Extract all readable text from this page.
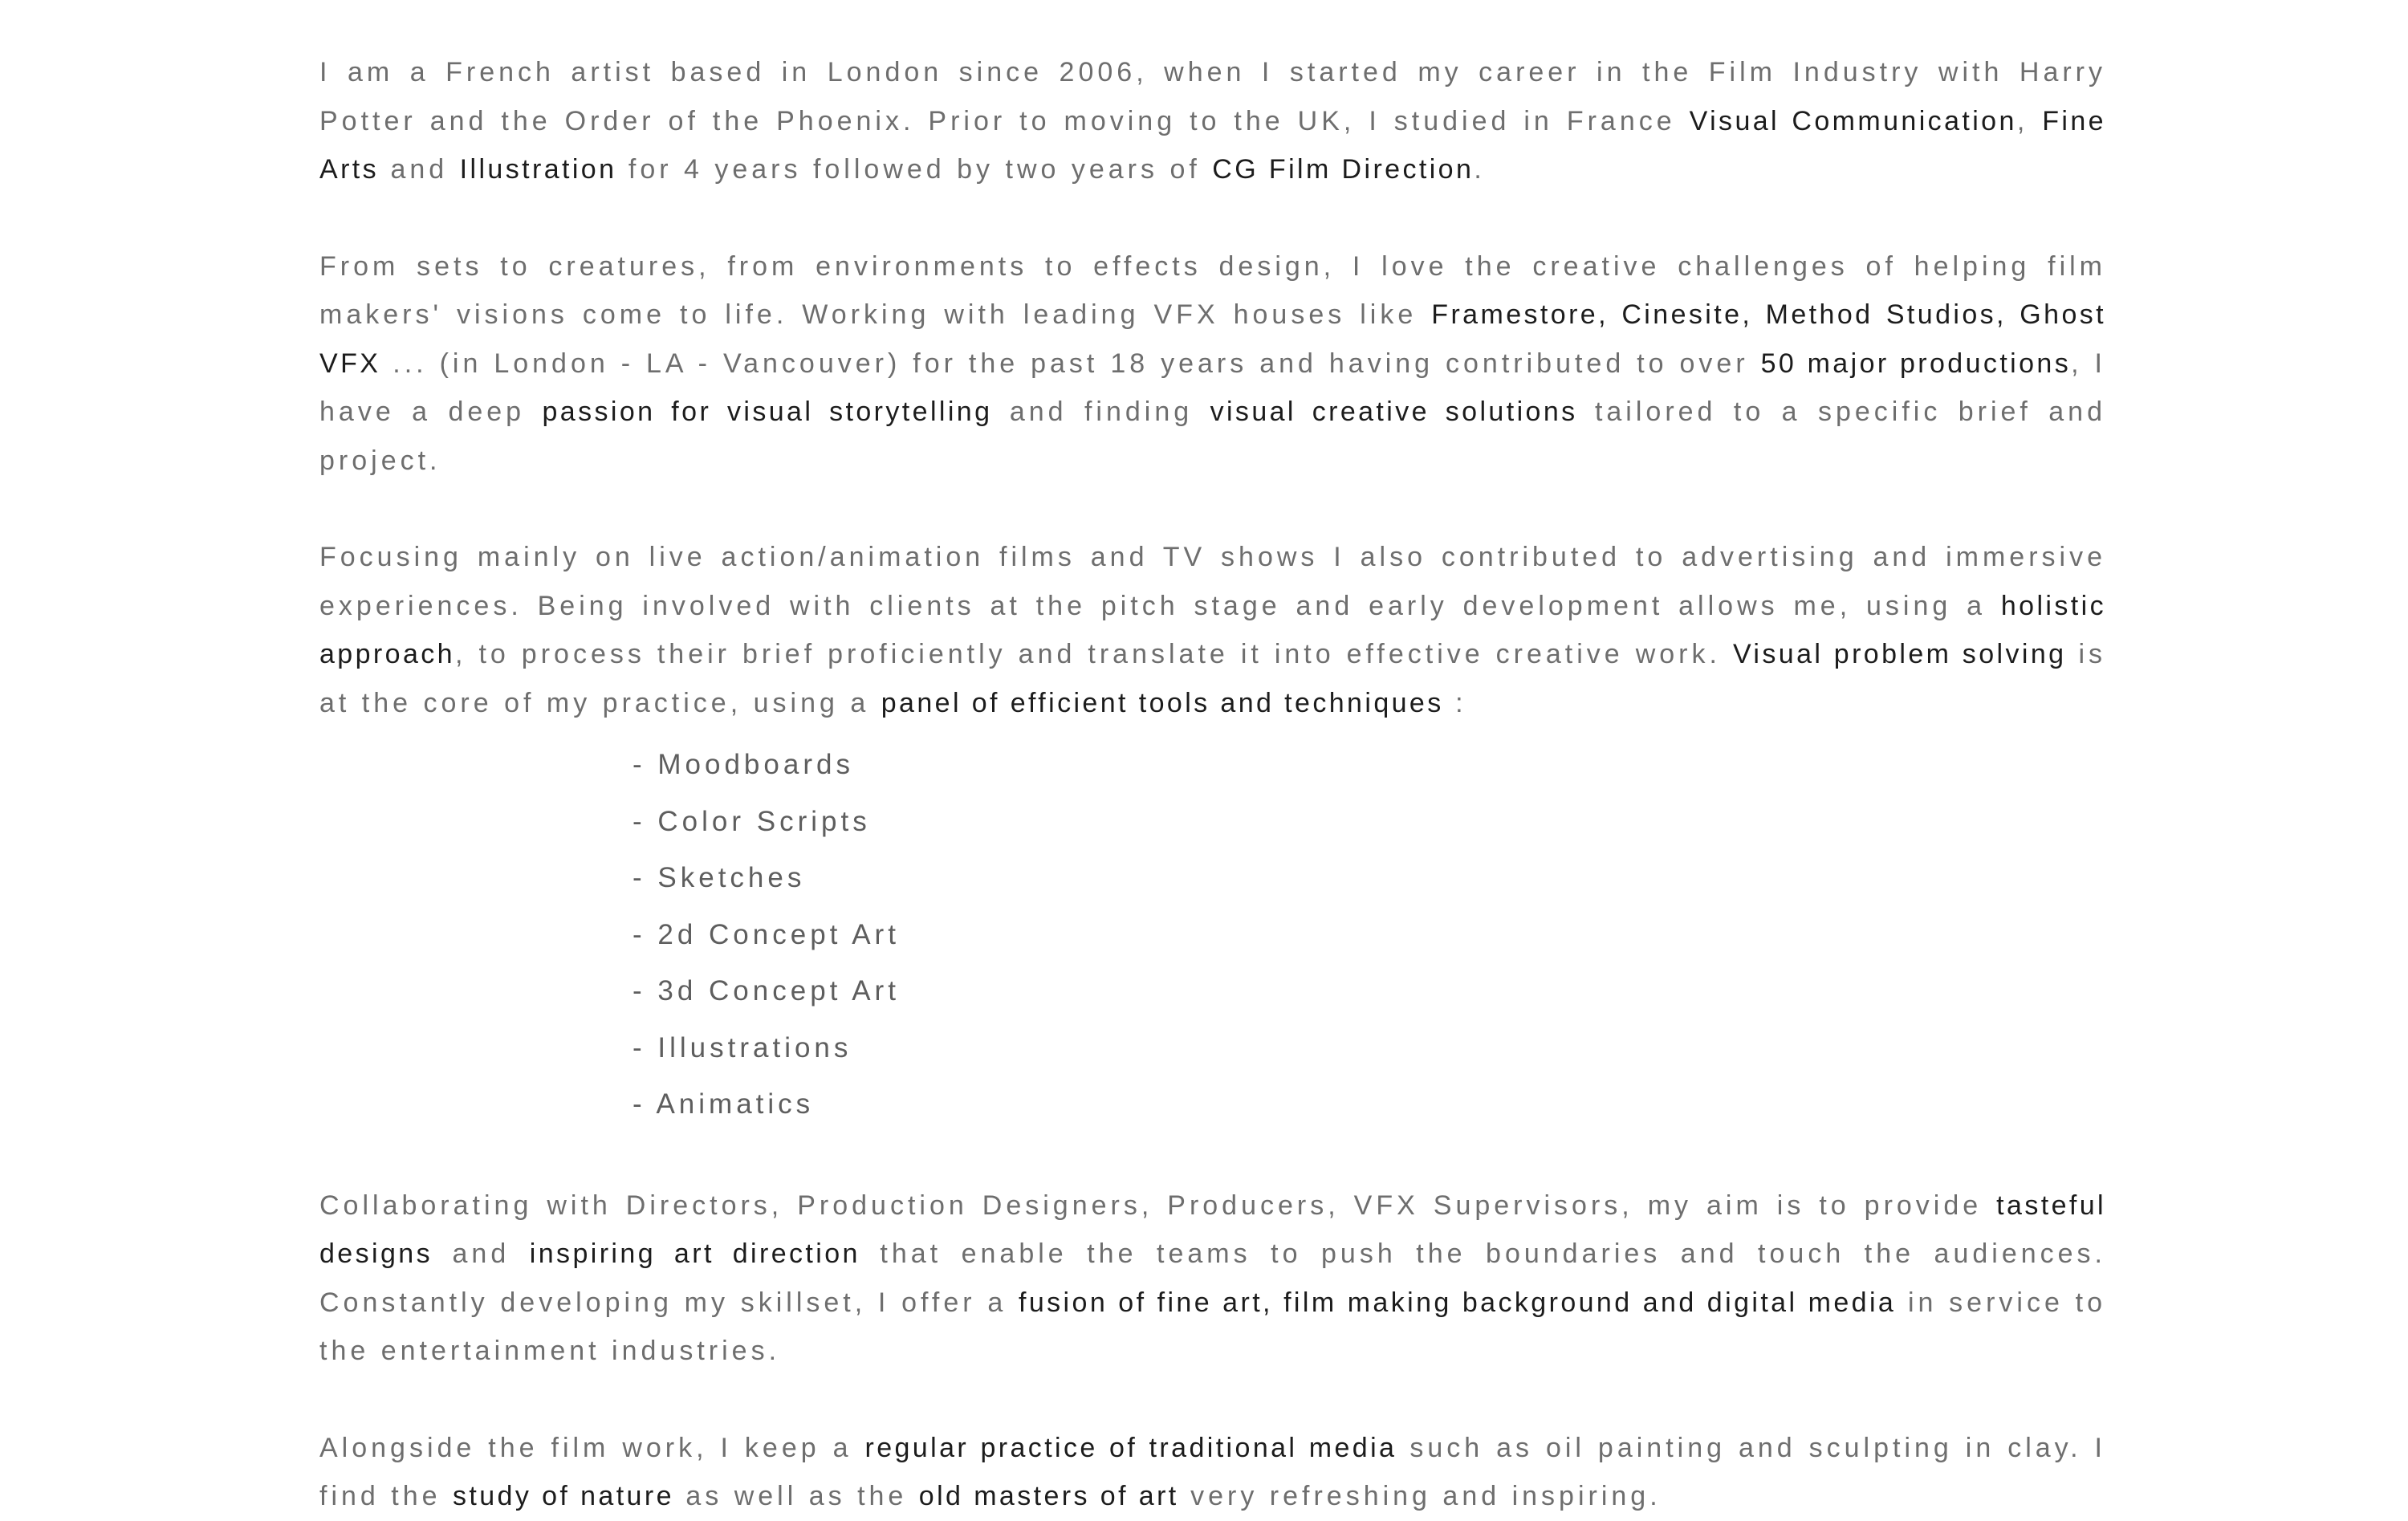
I am a French artist based in London since 2006, when I started my career in the Film Industry with Harry Potter and the Order of the Phoenix. Prior to moving to the UK, I studied in France Visual Communication, Fine Arts and Illustration for 4 years followed by two years of CG Film Direction.

From sets to creatures, from environments to effects design, I love the creative challenges of helping film makers' visions come to life. Working with leading VFX houses like Framestore, Cinesite, Method Studios, Ghost VFX ... (in London - LA - Vancouver) for the past 18 years and having contributed to over 50 major productions, I have a deep passion for visual storytelling and finding visual creative solutions tailored to a specific brief and project.

Focusing mainly on live action/animation films and TV shows I also contributed to advertising and immersive experiences. Being involved with clients at the pitch stage and early development allows me, using a holistic approach, to process their brief proficiently and translate it into effective creative work. Visual problem solving is at the core of my practice, using a panel of efficient tools and techniques :

- Moodboards
- Color Scripts
- Sketches
- 2d Concept Art
- 3d Concept Art
- Illustrations
- Animatics

Collaborating with Directors, Production Designers, Producers, VFX Supervisors, my aim is to provide tasteful designs and inspiring art direction that enable the teams to push the boundaries and touch the audiences. Constantly developing my skillset, I offer a fusion of fine art, film making background and digital media in service to the entertainment industries.

Alongside the film work, I keep a regular practice of traditional media such as oil painting and sculpting in clay. I find the study of nature as well as the old masters of art very refreshing and inspiring.
